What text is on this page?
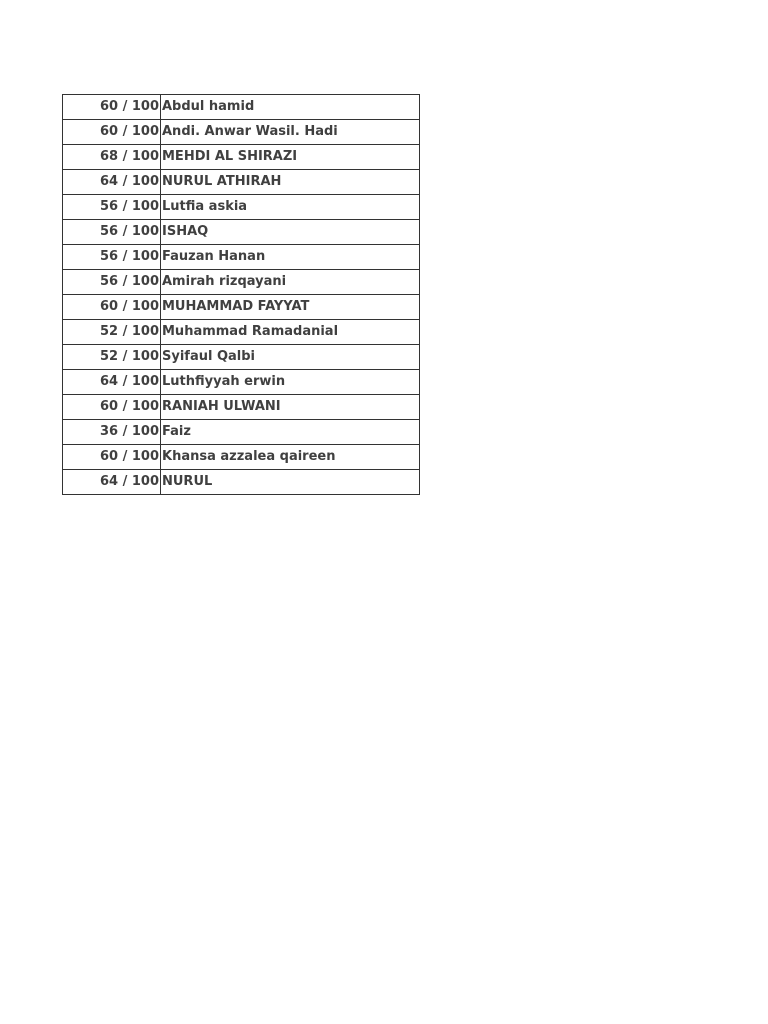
60 / 100	Abdul hamid
60 / 100	Andi. Anwar Wasil. Hadi
68 / 100	MEHDI AL SHIRAZI
64 / 100	NURUL ATHIRAH
56 / 100	Lutfia askia
56 / 100	ISHAQ
56 / 100	Fauzan Hanan
56 / 100	Amirah rizqayani
60 / 100	MUHAMMAD FAYYAT
52 / 100	Muhammad Ramadanial
52 / 100	Syifaul Qalbi
64 / 100	Luthfiyyah erwin
60 / 100	RANIAH ULWANI
36 / 100	Faiz
60 / 100	Khansa azzalea qaireen
64 / 100	NURUL
